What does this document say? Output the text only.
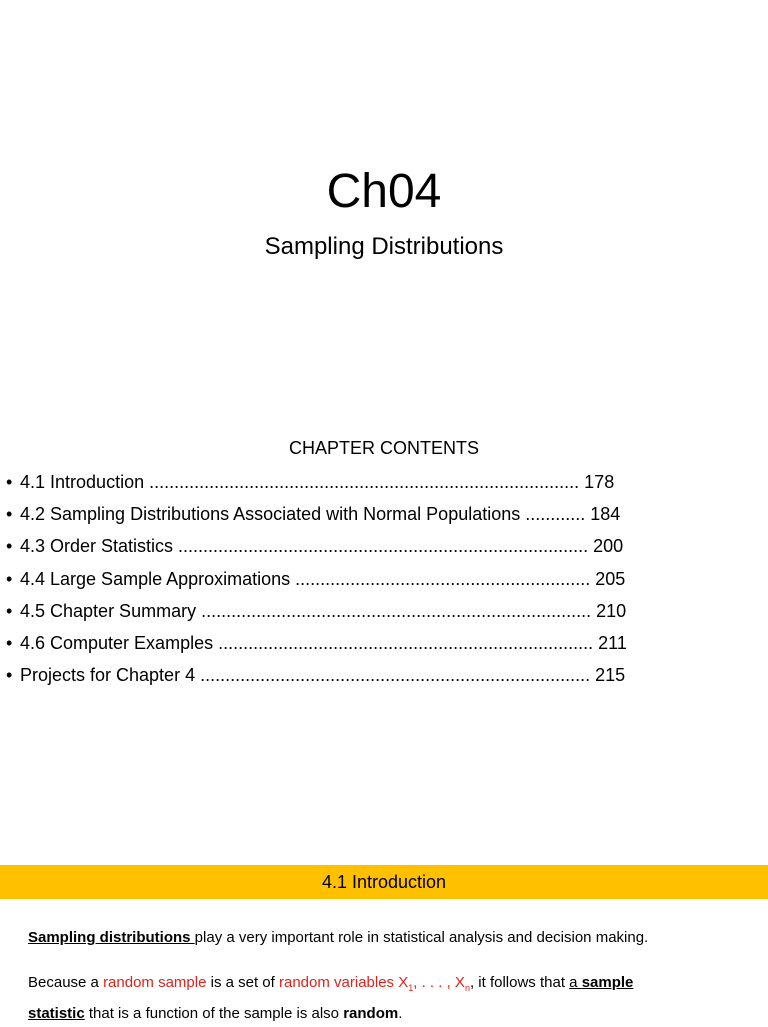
Ch04
Sampling Distributions
CHAPTER CONTENTS
• 4.1 Introduction ...................................................................................... 178
• 4.2 Sampling Distributions Associated with Normal Populations ............ 184
• 4.3 Order Statistics .................................................................................. 200
• 4.4 Large Sample Approximations ........................................................... 205
• 4.5 Chapter Summary .............................................................................. 210
• 4.6 Computer Examples ........................................................................... 211
• Projects for Chapter 4 .............................................................................. 215
4.1 Introduction

Sampling distributions play a very important role in statistical analysis and decision making.

Because a random sample is a set of random variables $X_1$, . . . , $X_n$, it follows that a sample
statistic that is a function of the sample is also random.
